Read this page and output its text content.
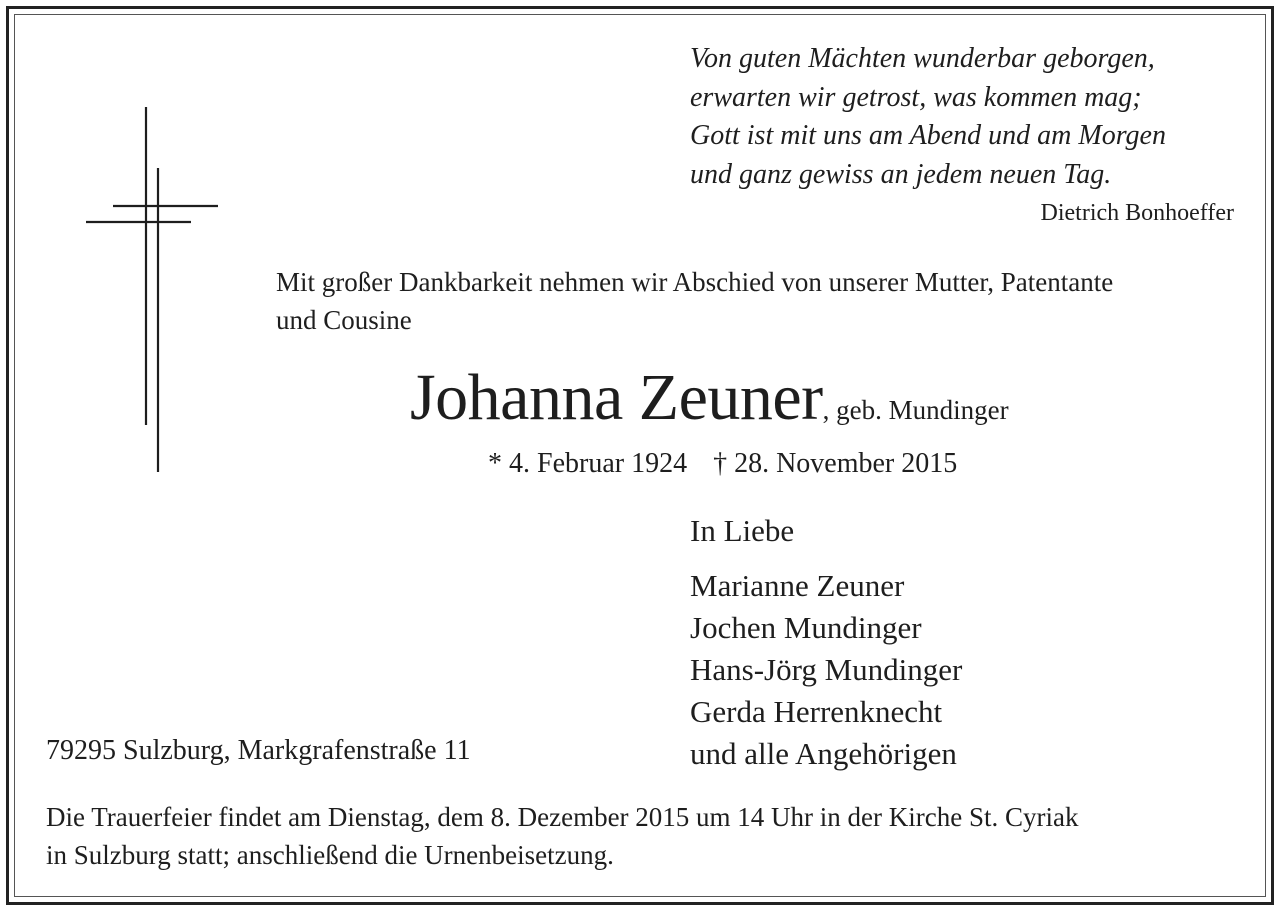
Von guten Mächten wunderbar geborgen,
erwarten wir getrost, was kommen mag;
Gott ist mit uns am Abend und am Morgen
und ganz gewiss an jedem neuen Tag.
Dietrich Bonhoeffer
Mit großer Dankbarkeit nehmen wir Abschied von unserer Mutter, Patentante
und Cousine
Johanna Zeuner, geb. Mundinger
* 4. Februar 1924 † 28. November 2015
In Liebe
Marianne Zeuner
Jochen Mundinger
Hans-Jörg Mundinger
Gerda Herrenknecht
und alle Angehörigen
79295 Sulzburg, Markgrafenstraße 11
Die Trauerfeier findet am Dienstag, dem 8. Dezember 2015 um 14 Uhr in der Kirche St. Cyriak
in Sulzburg statt; anschließend die Urnenbeisetzung.
